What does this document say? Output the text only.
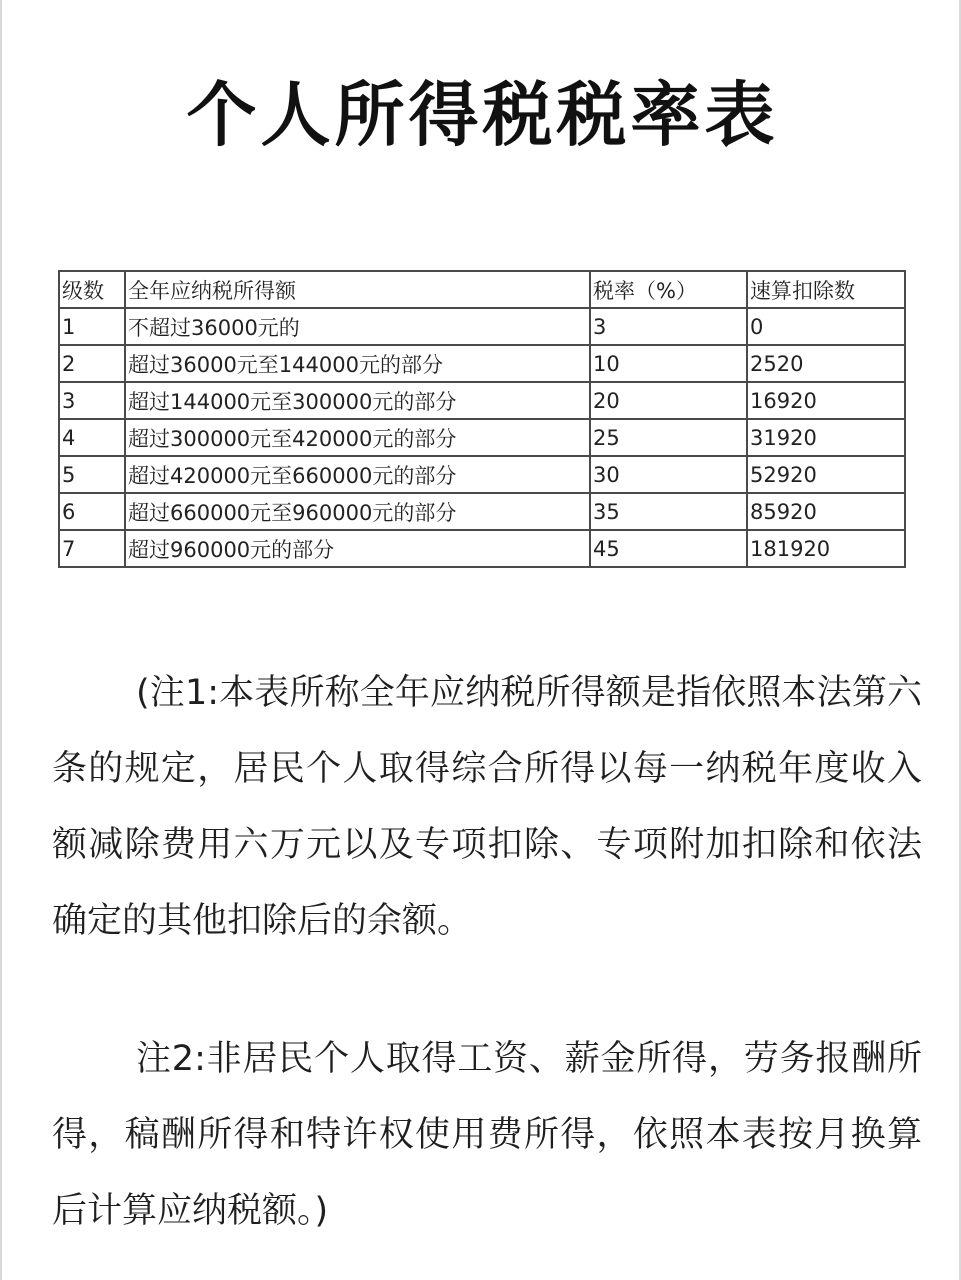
个人所得税税率表
级数	全年应纳税所得额	税率（%）	速算扣除数
1	不超过36000元的	3	0
2	超过36000元至144000元的部分	10	2520
3	超过144000元至300000元的部分	20	16920
4	超过300000元至420000元的部分	25	31920
5	超过420000元至660000元的部分	30	52920
6	超过660000元至960000元的部分	35	85920
7	超过960000元的部分	45	181920

(注1:本表所称全年应纳税所得额是指依照本法第六条的规定，居民个人取得综合所得以每一纳税年度收入额减除费用六万元以及专项扣除、专项附加扣除和依法确定的其他扣除后的余额。

注2:非居民个人取得工资、薪金所得，劳务报酬所得，稿酬所得和特许权使用费所得，依照本表按月换算后计算应纳税额。)
